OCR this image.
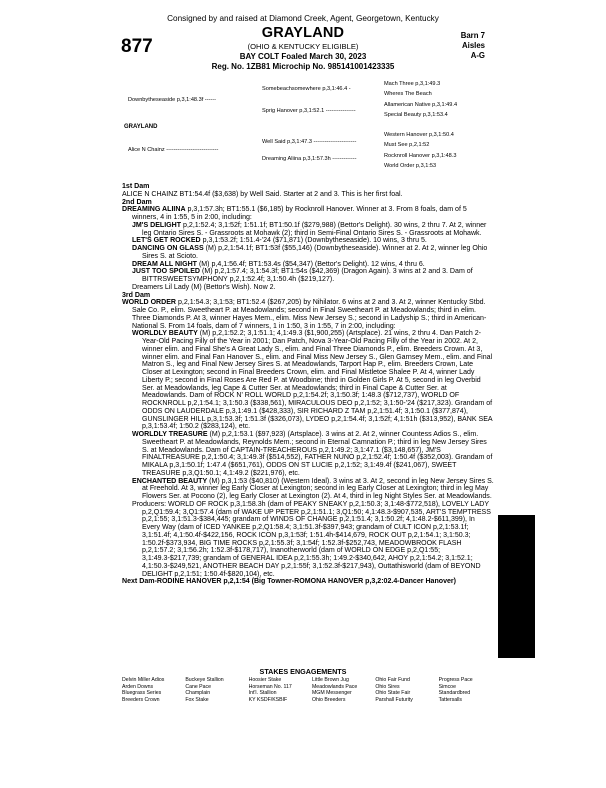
Consigned by and raised at Diamond Creek, Agent, Georgetown, Kentucky
877
GRAYLAND
(OHIO & KENTUCKY ELIGIBLE)
BAY COLT Foaled March 30, 2023
Reg. No. 1ZB81 Microchip No. 985141001423335
Barn 7
Aisles
A-G
Downbytheseaside p,3,1:48.3f ------
Somebeachsomewhere p,3,1:46.4 -
Sprig Hanover p,3,1:52.1 ----------------
Mach Three p,3,1:49.3
Wheres The Beach
Allamerican Native p,3,1:49.4
Special Beauty p,3,1:53.4
GRAYLAND
Alice N Chainz ----------------------------
Well Said p,3,1:47.3 -----------------------
Dreaming Aliina p,3,1:57.3h -------------
Western Hanover p,3,1:50.4
Must See p,2,1:52
Rocknroll Hanover p,3,1:48.3
World Order p,3,1:53

1st Dam

ALICE N CHAINZ BT1:54.4f ($3,638) by Well Said. Starter at 2 and 3. This is her first foal.

2nd Dam

DREAMING ALIINA p,3,1:57.3h; BT1:55.1 ($6,185) by Rocknroll Hanover. Winner at 3. From 8 foals, dam of 5 winners, 4 in 1:55, 5 in 2:00, including:

JM'S DELIGHT p,2,1:52.4; 3,1:52f; 1:51.1f; BT1:50.1f ($279,988) (Bettor's Delight). 30 wins, 2 thru 7. At 2, winner leg Ontario Sires S. - Grassroots at Mohawk (2); third in Semi-Final Ontario Sires S. - Grassroots at Mohawk.

LET'S GET ROCKED p,3,1:53.2f; 1:51.4-'24 ($71,871) (Downbytheseaside). 10 wins, 3 thru 5.

DANCING ON GLASS (M) p,2,1:54.1f; BT1:53f ($55,146) (Downbytheseaside). Winner at 2. At 2, winner leg Ohio Sires S. at Scioto.

DREAM ALL NIGHT (M) p,4,1:56.4f; BT1:53.4s ($54,347) (Bettor's Delight). 12 wins, 4 thru 6.

JUST TOO SPOILED (M) p,2,1:57.4; 3,1:54.3f; BT1:54s ($42,369) (Dragon Again). 3 wins at 2 and 3. Dam of BITTRSWEETSYMPHONY p,2,1:52.4f; 3,1:50.4h ($219,127).

Dreamers Lil Lady (M) (Bettor's Wish). Now 2.

3rd Dam

WORLD ORDER p,2,1:54.3; 3,1:53; BT1:52.4 ($267,205) by Nihilator. 6 wins at 2 and 3. At 2, winner Kentucky Stbd. Sale Co. P., elim. Sweetheart P. at Meadowlands; second in Final Sweetheart P. at Meadowlands; third in elim. Three Diamonds P. At 3, winner Hayes Mem., elim. Miss New Jersey S.; second in Ladyship S.; third in American-National S. From 14 foals, dam of 7 winners, 1 in 1:50, 3 in 1:55, 7 in 2:00, including:

WORLDLY BEAUTY (M) p,2,1:52.2; 3,1:51.1; 4,1:49.3 ($1,900,255) (Artsplace). 21 wins, 2 thru 4. Dan Patch 2-Year-Old Pacing Filly of the Year in 2001; Dan Patch, Nova 3-Year-Old Pacing Filly of the Year in 2002. At 2, winner elim. and Final She's A Great Lady S., elim. and Final Three Diamonds P., elim. Breeders Crown. At 3, winner elim. and Final Fan Hanover S., elim. and Final Miss New Jersey S., Glen Garnsey Mem., elim. and Final Matron S., leg and Final New Jersey Sires S. at Meadowlands, Tarport Hap P., elim. Breeders Crown, Late Closer at Lexington; second in Final Breeders Crown, elim. and Final Mistletoe Shalee P. At 4, winner Lady Liberty P.; second in Final Roses Are Red P. at Woodbine; third in Golden Girls P. At 5, second in leg Overbid Ser. at Meadowlands, leg Cape & Cutter Ser. at Meadowlands; third in Final Cape & Cutter Ser. at Meadowlands. Dam of ROCK N' ROLL WORLD p,2,1:54.2f; 3,1:50.3f; 1:48.3 ($712,737), WORLD OF ROCKNROLL p,2,1:54.1; 3,1:50.3 ($338,561), MIRACULOUS DEO p,2,1:52; 3,1:50-'24 ($217,323). Grandam of ODDS ON LAUDERDALE p,3,1:49.1 ($428,333), SIR RICHARD Z TAM p,2,1:51.4f; 3,1:50.1 ($377,874), GUNSLINGER HILL p,3,1:53.3f; 1:51.3f ($326,073), LYDEO p,2,1:54.4f; 3,1:52f; 4,1:51h ($313,952), BANK SEA p,3,1:53.4f; 1:50.2 ($283,124), etc.

WORLDLY TREASURE (M) p,2,1:53.1 ($97,923) (Artsplace). 3 wins at 2. At 2, winner Countess Adios S., elim. Sweetheart P. at Meadowlands, Reynolds Mem.; second in Eternal Camnation P.; third in leg New Jersey Sires S. at Meadowlands. Dam of CAPTAIN-TREACHEROUS p,2,1:49.2; 3,1:47.1 ($3,148,657), JM'S FINALTREASURE p,2,1:50.4; 3,1:49.3f ($514,552), FATHER NUNO p,2,1:52.4f; 1:50.4f ($352,003). Grandam of MIKALA p,3,1:50.1f; 1:47.4 ($651,761), ODDS ON ST LUCIE p,2,1:52; 3,1:49.4f ($241,067), SWEET TREASURE p,3,Q1:50.1; 4,1:49.2 ($221,976), etc.

ENCHANTED BEAUTY (M) p,3,1:53 ($40,810) (Western Ideal). 3 wins at 3. At 2, second in leg New Jersey Sires S. at Freehold. At 3, winner leg Early Closer at Lexington; second in leg Early Closer at Lexington; third in leg May Flowers Ser. at Pocono (2), leg Early Closer at Lexington (2). At 4, third in leg Night Styles Ser. at Meadowlands.

Producers: WORLD OF ROCK p,3,1:58.3h (dam of PEAKY SNEAKY p,2,1:50.3; 3,1:48-$772,518), LOVELY LADY p,2,Q1:59.4; 3,Q1:57.4 (dam of WAKE UP PETER p,2,1:51.1; 3,Q1:50; 4,1:48.3-$907,535, ART'S TEMPTRESS p,2,1:55; 3,1:51.3-$384,445; grandam of WINDS OF CHANGE p,2,1:51.4; 3,1:50.2f; 4,1:48.2-$611,399), In Every Way (dam of ICED YANKEE p,2,Q1:58.4; 3,1:51.3f-$397,943; grandam of CULT ICON p,2,1:53.1f; 3,1:51.4f; 4,1:50.4f-$422,156, ROCK ICON p,3,1:53f; 1:51.4h-$414,679, ROCK OUT p,2,1:54.1; 3,1:50.3; 1:50.2f-$373,934, BIG TIME ROCKS p,2,1:55.3f; 3,1:54f; 1:52.3f-$252,743, MEADOWBROOK FLASH p,2,1:57.2; 3,1:56.2h; 1:52.3f-$178,717), Inanotherworld (dam of WORLD ON EDGE p,2,Q1:55; 3,1:49.3-$217,739; grandam of GENERAL IDEA p,2,1:55.3h; 1:49.2-$340,642, AHOY p,2,1:54.2; 3,1:52.1; 4,1:50.3-$249,521, ANOTHER BEACH DAY p,2,1:55f; 3,1:52.3f-$217,943), Outtathisworld (dam of BEYOND DELIGHT p,2,1:51; 1:50.4f-$820,104), etc.

Next Dam-RODINE HANOVER p,2,1:54 (Big Towner-ROMONA HANOVER p,3,2:02.4-Dancer Hanover)

STAKES ENGAGEMENTS
Delvin Miller Adios
Arden Downs
Bluegrass Series
Breeders Crown
Buckeye Stallion
Cane Pace
Champlain
Fox Stake
Hoosier Stake
Horseman No. 117
Int'l. Stallion
KY KSDF/KSBIF
Little Brown Jug
Meadowlands Pace
MGM Messenger
Ohio Breeders
Ohio Fair Fund
Ohio Sires
Ohio State Fair
Parshall Futurity
Progress Pace
Simcoe
Standardbred
Tattersalls
